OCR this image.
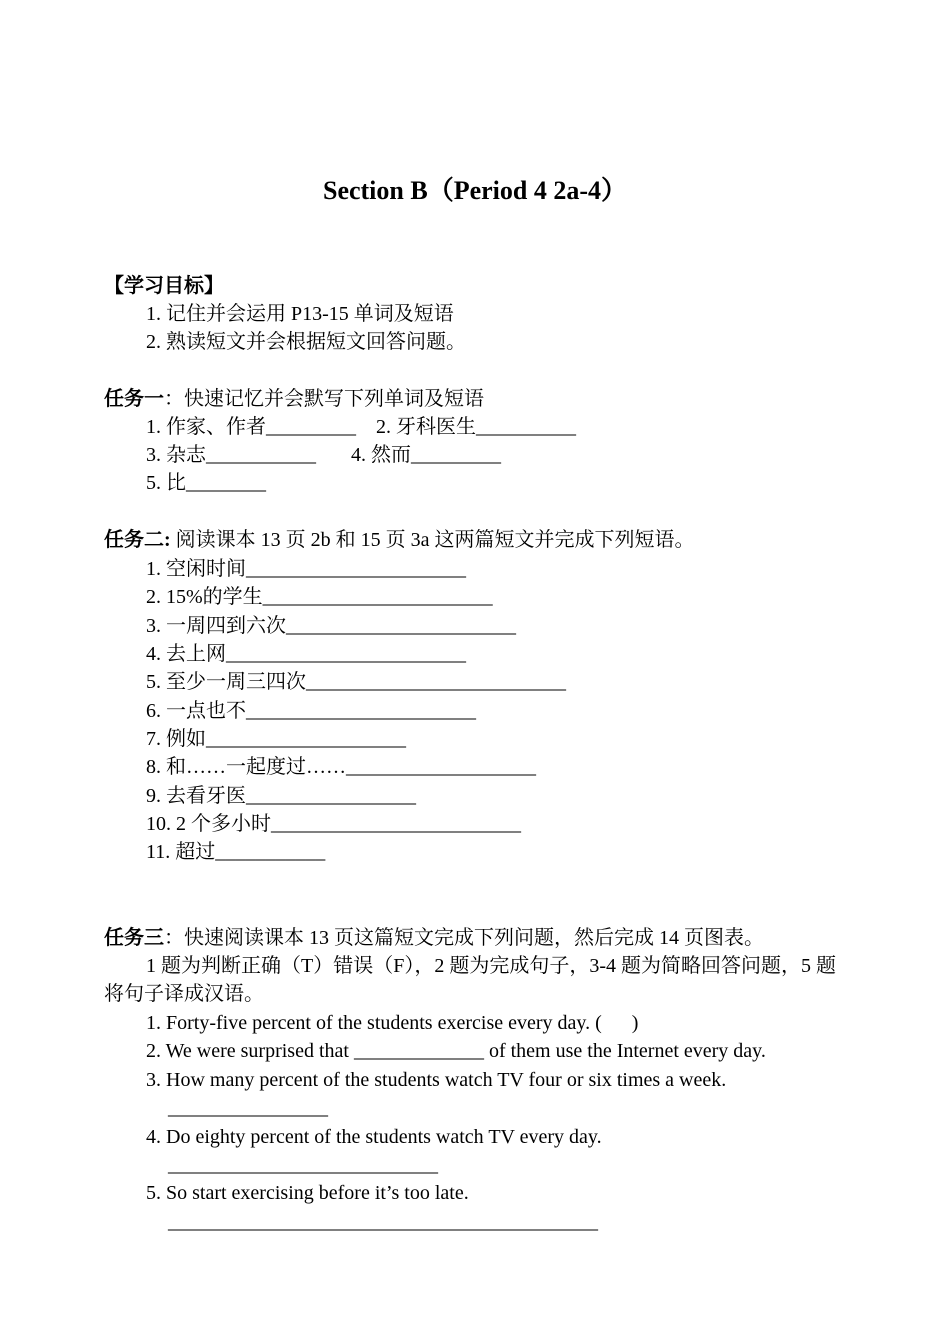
Section B（Period 4 2a-4）
【学习目标】
1. 记住并会运用 P13-15 单词及短语
2. 熟读短文并会根据短文回答问题。
任务一：快速记忆并会默写下列单词及短语
1. 作家、作者_________    2. 牙科医生__________
3. 杂志___________       4. 然而_________
5. 比________
任务二: 阅读课本 13 页 2b 和 15 页 3a 这两篇短文并完成下列短语。
1. 空闲时间______________________
2. 15%的学生_______________________
3. 一周四到六次_______________________
4. 去上网________________________
5. 至少一周三四次__________________________
6. 一点也不_______________________
7. 例如____________________
8. 和……一起度过……___________________
9. 去看牙医_________________
10. 2 个多小时_________________________
11. 超过___________
任务三：快速阅读课本 13 页这篇短文完成下列问题，然后完成 14 页图表。
1 题为判断正确（T）错误（F），2 题为完成句子，3-4 题为简略回答问题，5 题
将句子译成汉语。
1. Forty-five percent of the students exercise every day. (      )
2. We were surprised that _____________ of them use the Internet every day.
3. How many percent of the students watch TV four or six times a week.
________________
4. Do eighty percent of the students watch TV every day.
___________________________
5. So start exercising before it’s too late.
___________________________________________
